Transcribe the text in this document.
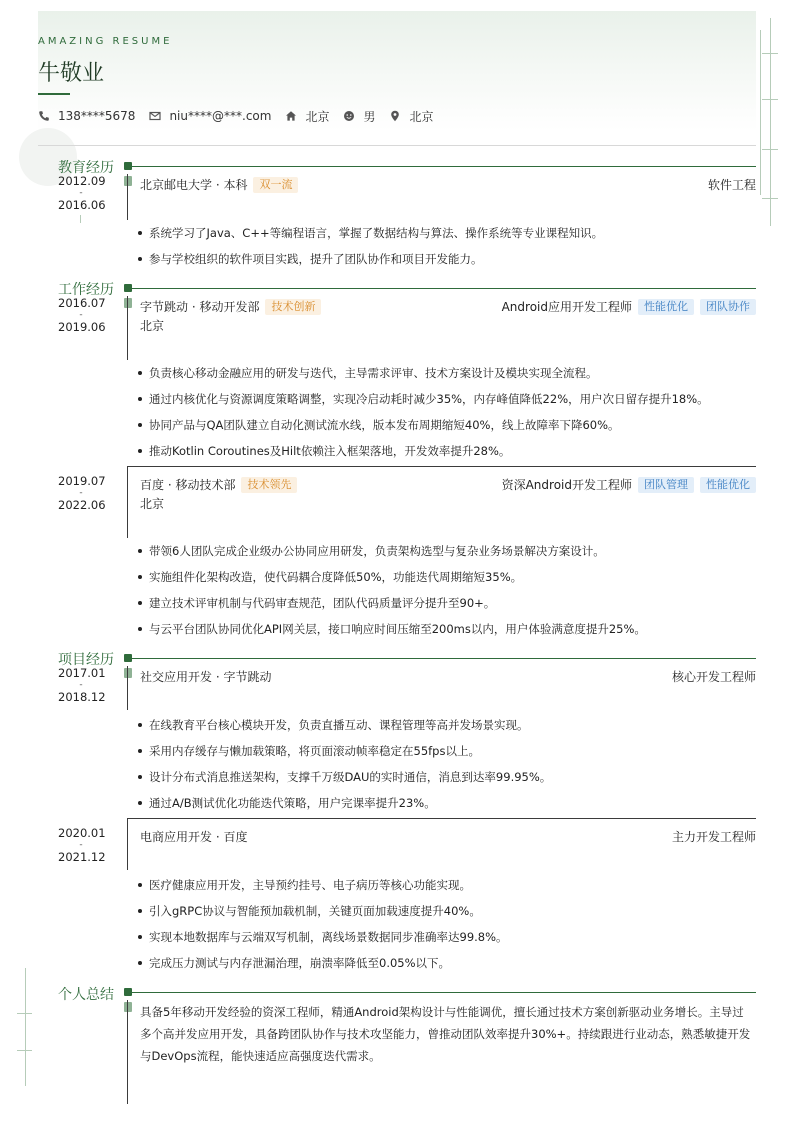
AMAZING RESUME
牛敬业
138****5678	niu****@***.com	北京	男	北京
教育经历
2012.09
-
2016.06
北京邮电大学 · 本科	双一流	软件工程
系统学习了Java、C++等编程语言，掌握了数据结构与算法、操作系统等专业课程知识。
参与学校组织的软件项目实践，提升了团队协作和项目开发能力。
工作经历
2016.07
-
2019.06
字节跳动 · 移动开发部	技术创新	Android应用开发工程师	性能优化	团队协作
北京
负责核心移动金融应用的研发与迭代，主导需求评审、技术方案设计及模块实现全流程。
通过内核优化与资源调度策略调整，实现冷启动耗时减少35%，内存峰值降低22%，用户次日留存提升18%。
协同产品与QA团队建立自动化测试流水线，版本发布周期缩短40%，线上故障率下降60%。
推动Kotlin Coroutines及Hilt依赖注入框架落地，开发效率提升28%。
2019.07
-
2022.06
百度 · 移动技术部	技术领先	资深Android开发工程师	团队管理	性能优化
北京
带领6人团队完成企业级办公协同应用研发，负责架构选型与复杂业务场景解决方案设计。
实施组件化架构改造，使代码耦合度降低50%，功能迭代周期缩短35%。
建立技术评审机制与代码审查规范，团队代码质量评分提升至90+。
与云平台团队协同优化API网关层，接口响应时间压缩至200ms以内，用户体验满意度提升25%。
项目经历
2017.01
-
2018.12
社交应用开发 · 字节跳动	核心开发工程师
在线教育平台核心模块开发，负责直播互动、课程管理等高并发场景实现。
采用内存缓存与懒加载策略，将页面滚动帧率稳定在55fps以上。
设计分布式消息推送架构，支撑千万级DAU的实时通信，消息到达率99.95%。
通过A/B测试优化功能迭代策略，用户完课率提升23%。
2020.01
-
2021.12
电商应用开发 · 百度	主力开发工程师
医疗健康应用开发，主导预约挂号、电子病历等核心功能实现。
引入gRPC协议与智能预加载机制，关键页面加载速度提升40%。
实现本地数据库与云端双写机制，离线场景数据同步准确率达99.8%。
完成压力测试与内存泄漏治理，崩溃率降低至0.05%以下。
个人总结

具备5年移动开发经验的资深工程师，精通Android架构设计与性能调优，擅长通过技术方案创新驱动业务增长。主导过多个高并发应用开发，具备跨团队协作与技术攻坚能力，曾推动团队效率提升30%+。持续跟进行业动态，熟悉敏捷开发与DevOps流程，能快速适应高强度迭代需求。
